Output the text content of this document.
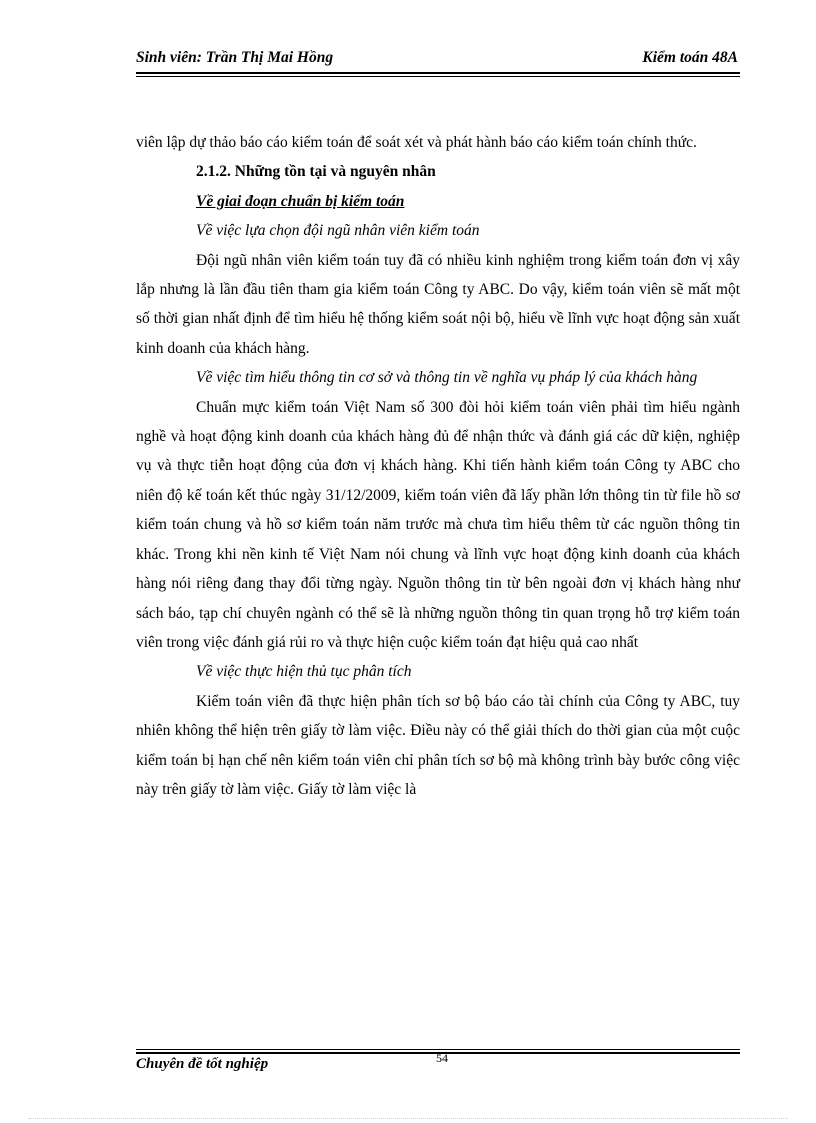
Sinh viên: Trần Thị Mai Hồng	Kiểm toán 48A

viên lập dự thảo báo cáo kiểm toán để soát xét và phát hành báo cáo kiểm toán chính thức.

2.1.2. Những tồn tại và nguyên nhân

Về giai đoạn chuẩn bị kiểm toán

Về việc lựa chọn đội ngũ nhân viên kiểm toán

Đội ngũ nhân viên kiểm toán tuy đã có nhiều kinh nghiệm trong kiểm toán đơn vị xây lắp nhưng là lần đầu tiên tham gia kiểm toán Công ty ABC. Do vậy, kiểm toán viên sẽ mất một số thời gian nhất định để tìm hiểu hệ thống kiểm soát nội bộ, hiểu về lĩnh vực hoạt động sản xuất kinh doanh của khách hàng.

Về việc tìm hiểu thông tin cơ sở và thông tin về nghĩa vụ pháp lý của khách hàng

Chuẩn mực kiểm toán Việt Nam số 300 đòi hỏi kiểm toán viên phải tìm hiểu ngành nghề và hoạt động kinh doanh của khách hàng đủ để nhận thức và đánh giá các dữ kiện, nghiệp vụ và thực tiễn hoạt động của đơn vị khách hàng. Khi tiến hành kiểm toán Công ty ABC cho niên độ kế toán kết thúc ngày 31/12/2009, kiểm toán viên đã lấy phần lớn thông tin từ file hồ sơ kiểm toán chung và hồ sơ kiểm toán năm trước mà chưa tìm hiểu thêm từ các nguồn thông tin khác. Trong khi nền kinh tế Việt Nam nói chung và lĩnh vực hoạt động kinh doanh của khách hàng nói riêng đang thay đổi từng ngày. Nguồn thông tin từ bên ngoài đơn vị khách hàng như sách báo, tạp chí chuyên ngành có thể sẽ là những nguồn thông tin quan trọng hỗ trợ kiểm toán viên trong việc đánh giá rủi ro và thực hiện cuộc kiểm toán đạt hiệu quả cao nhất

Về việc thực hiện thủ tục phân tích

Kiểm toán viên đã thực hiện phân tích sơ bộ báo cáo tài chính của Công ty ABC, tuy nhiên không thể hiện trên giấy tờ làm việc. Điều này có thể giải thích do thời gian của một cuộc kiểm toán bị hạn chế nên kiểm toán viên chỉ phân tích sơ bộ mà không trình bày bước công việc này trên giấy tờ làm việc. Giấy tờ làm việc là

54
Chuyên đề tốt nghiệp
